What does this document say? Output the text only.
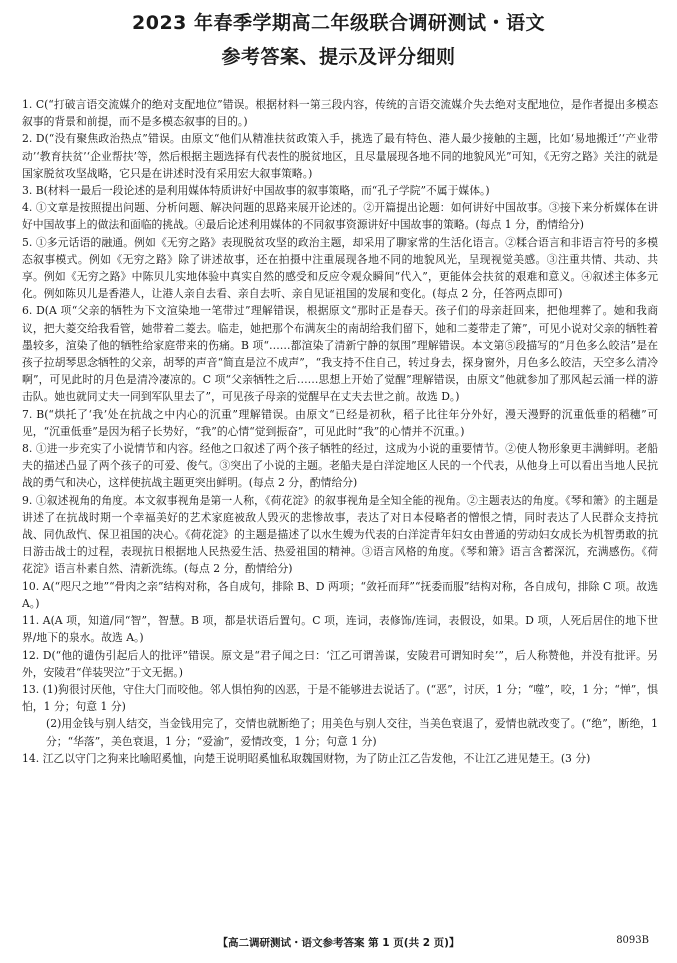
2023 年春季学期高二年级联合调研测试・语文
参考答案、提示及评分细则

1. C(“打破言语交流媒介的绝对支配地位”错误。根据材料一第三段内容，传统的言语交流媒介失去绝对支配地位，是作者提出多模态叙事的背景和前提，而不是多模态叙事的目的。)

2. D(“没有聚焦政治热点”错误。由原文“他们从精准扶贫政策入手，挑选了最有特色、港人最少接触的主题，比如‘易地搬迁’‘产业带动’‘教育扶贫’‘企业帮扶’等，然后根据主题选择有代表性的脱贫地区，且尽量展现各地不同的地貌风光”可知，《无穷之路》关注的就是国家脱贫攻坚战略，它只是在讲述时没有采用宏大叙事策略。)

3. B(材料一最后一段论述的是利用媒体特质讲好中国故事的叙事策略，而“孔子学院”不属于媒体。)

4. ①文章是按照提出问题、分析问题、解决问题的思路来展开论述的。②开篇提出论题：如何讲好中国故事。③接下来分析媒体在讲好中国故事上的做法和面临的挑战。④最后论述利用媒体的不同叙事资源讲好中国故事的策略。(每点 1 分，酌情给分)

5. ①多元话语的融通。例如《无穷之路》表现脱贫攻坚的政治主题，却采用了聊家常的生活化语言。②糅合语言和非语言符号的多模态叙事模式。例如《无穷之路》除了讲述故事，还在拍摄中注重展现各地不同的地貌风光，呈现视觉美感。③注重共情、共动、共享。例如《无穷之路》中陈贝儿实地体验中真实自然的感受和反应令观众瞬间“代入”，更能体会扶贫的艰难和意义。④叙述主体多元化。例如陈贝儿是香港人，让港人亲自去看、亲自去听、亲自见证祖国的发展和变化。(每点 2 分，任答两点即可)

6. D(A 项“父亲的牺牲为下文渲染地一笔带过”理解错误，根据原文“那时正是春天。孩子们的母亲赶回来，把他埋葬了。她和我商议，把大菱交给我看管，她带着二菱去。临走，她把那个布满灰尘的南胡给我们留下，她和二菱带走了箫”，可见小说对父亲的牺牲着墨较多，渲染了他的牺牲给家庭带来的伤痛。B 项“……都渲染了清新宁静的氛围”理解错误。本文第⑤段描写的“月色多么皎洁”是在孩子拉胡琴思念牺牲的父亲，胡琴的声音“简直是泣不成声”，“我支持不住自己，转过身去，探身窗外，月色多么皎洁，天空多么清冷啊”，可见此时的月色是清冷凄凉的。C 项“父亲牺牲之后……思想上开始了觉醒”理解错误，由原文“他就参加了那风起云涌一样的游击队。她也就同丈夫一同到军队里去了”，可见孩子母亲的觉醒早在丈夫去世之前。故选 D。)

7. B(“烘托了‘我’处在抗战之中内心的沉重”理解错误。由原文“已经是初秋，稻子比往年分外好，漫天漫野的沉重低垂的稻穗”可见，“沉重低垂”是因为稻子长势好，“我”的心情“觉到振奋”，可见此时“我”的心情并不沉重。)

8. ①进一步充实了小说情节和内容。经他之口叙述了两个孩子牺牲的经过，这成为小说的重要情节。②使人物形象更丰满鲜明。老船夫的描述凸显了两个孩子的可爱、俊气。③突出了小说的主题。老船夫是白洋淀地区人民的一个代表，从他身上可以看出当地人民抗战的勇气和决心，这样使抗战主题更突出鲜明。(每点 2 分，酌情给分)

9. ①叙述视角的角度。本文叙事视角是第一人称，《荷花淀》的叙事视角是全知全能的视角。②主题表达的角度。《琴和箫》的主题是讲述了在抗战时期一个幸福美好的艺术家庭被敌人毁灭的悲惨故事，表达了对日本侵略者的憎恨之情，同时表达了人民群众支持抗战、同仇敌忾、保卫祖国的决心。《荷花淀》的主题是描述了以水生嫂为代表的白洋淀青年妇女由普通的劳动妇女成长为机智勇敢的抗日游击战士的过程，表现抗日根据地人民热爱生活、热爱祖国的精神。③语言风格的角度。《琴和箫》语言含蓄深沉，充满感伤。《荷花淀》语言朴素自然、清新洗练。(每点 2 分，酌情给分)

10. A(“咫尺之地”“骨肉之亲”结构对称，各自成句，排除 B、D 两项；“敛衽而拜”“抚委而服”结构对称，各自成句，排除 C 项。故选 A。)

11. A(A 项，知道/同“智”，智慧。B 项，都是状语后置句。C 项，连词，表修饰/连词，表假设，如果。D 项，人死后居住的地下世界/地下的泉水。故选 A。)

12. D(“他的谴伪引起后人的批评”错误。原文是“君子闻之曰：‘江乙可谓善谋，安陵君可谓知时矣’”，后人称赞他，并没有批评。另外，安陵君“佯装哭泣”于文无据。)

13. (1)狗很讨厌他，守住大门而咬他。邻人惧怕狗的凶恶，于是不能够进去说话了。(“恶”，讨厌，1 分；“噬”，咬，1 分；“惮”，惧怕，1 分；句意 1 分)

(2)用金钱与别人结交，当金钱用完了，交情也就断绝了；用美色与别人交往，当美色衰退了，爱情也就改变了。(“绝”，断绝，1 分；“华落”，美色衰退，1 分；“爱渝”，爱情改变，1 分；句意 1 分)

14. 江乙以守门之狗来比喻昭奚恤，向楚王说明昭奚恤私取魏国财物，为了防止江乙告发他，不让江乙进见楚王。(3 分)

【高二调研测试・语文参考答案 第 1 页(共 2 页)】	8093B
